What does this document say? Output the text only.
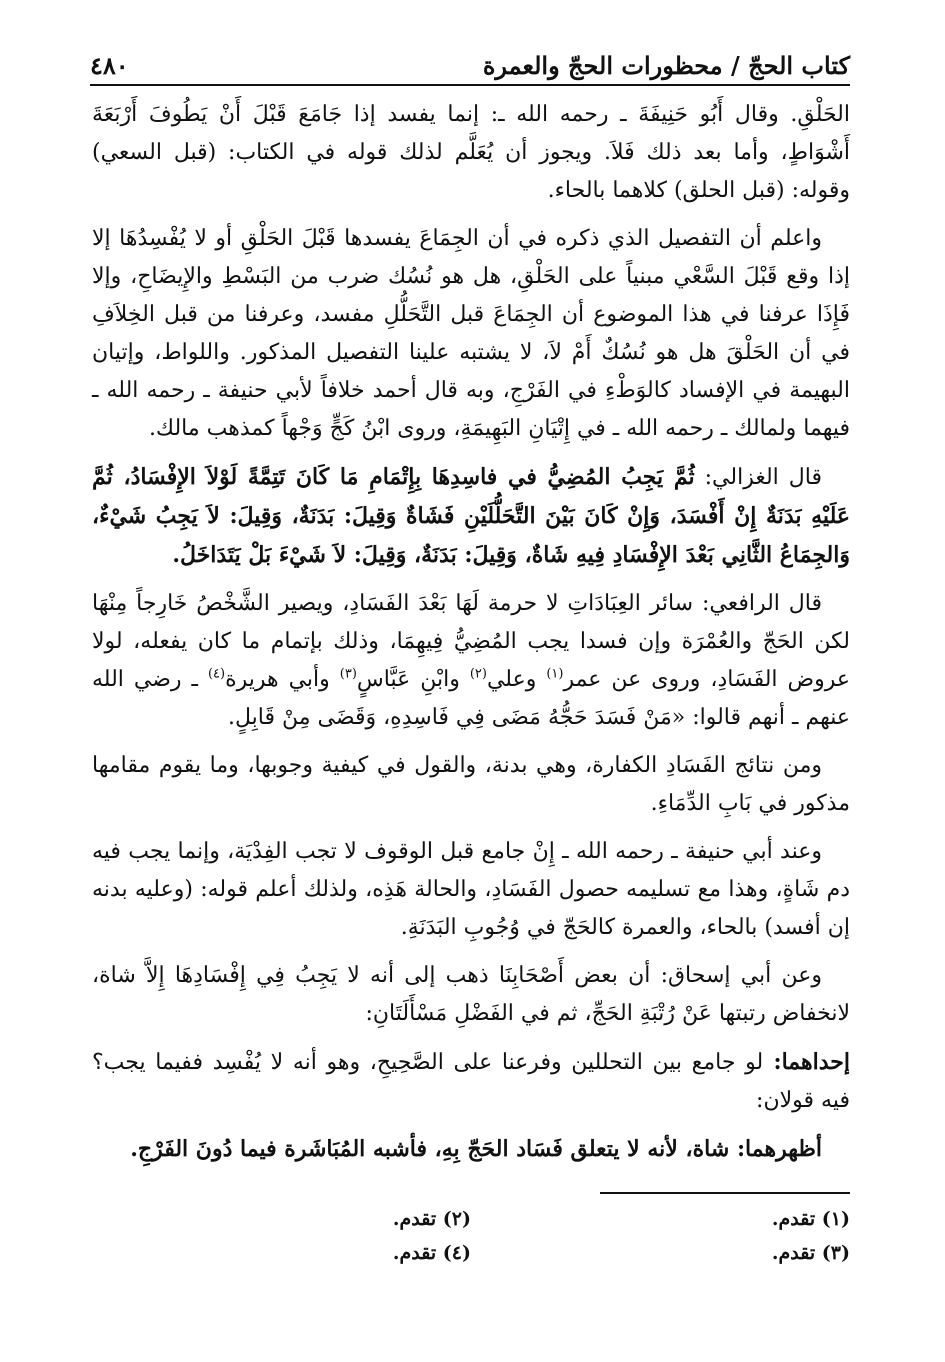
كتاب الحجّ / محظورات الحجّ والعمرة
٤٨٠

الحَلْقِ. وقال أَبُو حَنِيفَةَ ـ رحمه الله ـ: إنما يفسد إذا جَامَعَ قَبْلَ أَنْ يَطُوفَ أَرْبَعَةَ أَشْوَاطٍ، وأما بعد ذلك فَلاَ. ويجوز أن يُعَلَّم لذلك قوله في الكتاب: (قبل السعي) وقوله: (قبل الحلق) كلاهما بالحاء.

واعلم أن التفصيل الذي ذكره في أن الجِمَاعَ يفسدها قَبْلَ الحَلْقِ أو لا يُفْسِدُهَا إلا إذا وقع قَبْلَ السَّعْي مبنياً على الحَلْقِ، هل هو نُسُك ضرب من البَسْطِ والإِيضَاحِ، وإلا فَإِذَا عرفنا في هذا الموضوع أن الجِمَاعَ قبل التَّحَلُّلِ مفسد، وعرفنا من قبل الخِلاَفِ في أن الحَلْقَ هل هو نُسُكٌ أَمْ لاَ، لا يشتبه علينا التفصيل المذكور. واللواط، وإتيان البهيمة في الإفساد كالوَطْءِ في الفَرْجِ، وبه قال أحمد خلافاً لأبي حنيفة ـ رحمه الله ـ فيهما ولمالك ـ رحمه الله ـ في إِتْيَانِ البَهِيمَةِ، وروى ابْنُ كَجٍّ وَجْهاً كمذهب مالك.

قال الغزالي: ثُمَّ يَجِبُ المُضِيُّ في فاسِدِهَا بِإِتْمَامِ مَا كَانَ تَتِمَّةً لَوْلاَ الإِفْسَادُ، ثُمَّ عَلَيْهِ بَدَنَةٌ إِنْ أَفْسَدَ، وَإِنْ كَانَ بَيْنَ التَّحَلُّلَيْنِ فَشَاةٌ وَقِيلَ: بَدَنَةٌ، وَقِيلَ: لاَ يَجِبُ شَيْءٌ، وَالجِمَاعُ الثَّانِي بَعْدَ الإِفْسَادِ فِيهِ شَاةٌ، وَقِيلَ: بَدَنَةٌ، وَقِيلَ: لاَ شَيْءَ بَلْ يَتَدَاخَلُ.

قال الرافعي: سائر العِبَادَاتِ لا حرمة لَهَا بَعْدَ الفَسَادِ، ويصير الشَّخْصُ خَارِجاً مِنْهَا لكن الحَجّ والعُمْرَة وإن فسدا يجب المُضِيُّ فِيهِمَا، وذلك بإتمام ما كان يفعله، لولا عروض الفَسَادِ، وروى عن عمر$^{(١)}$ وعلي$^{(٢)}$ وابْنِ عَبَّاسٍ$^{(٣)}$ وأبي هريرة$^{(٤)}$ ـ رضي الله عنهم ـ أنهم قالوا: «مَنْ فَسَدَ حَجُّهُ مَضَى فِي فَاسِدِهِ، وَقَضَى مِنْ قَابِلٍ.

ومن نتائج الفَسَادِ الكفارة، وهي بدنة، والقول في كيفية وجوبها، وما يقوم مقامها مذكور في بَابِ الدِّمَاءِ.

وعند أبي حنيفة ـ رحمه الله ـ إِنْ جامع قبل الوقوف لا تجب الفِدْيَة، وإنما يجب فيه دم شَاةٍ، وهذا مع تسليمه حصول الفَسَادِ، والحالة هَذِه، ولذلك أعلم قوله: (وعليه بدنه إن أفسد) بالحاء، والعمرة كالحَجّ في وُجُوبِ البَدَنَةِ.

وعن أبي إسحاق: أن بعض أَصْحَابِنَا ذهب إلى أنه لا يَجِبُ فِي إِفْسَادِهَا إِلاَّ شاة، لانخفاض رتبتها عَنْ رُتْبَةِ الحَجِّ، ثم في الفَضْلِ مَسْأَلَتَانِ:

إحداهما: لو جامع بين التحللين وفرعنا على الصَّحِيحِ، وهو أنه لا يُفْسِد ففيما يجب؟ فيه قولان:

أظهرهما: شاة، لأنه لا يتعلق فَسَاد الحَجّ بِهِ، فأشبه المُبَاشَرة فيما دُونَ الفَرْجِ.

(١) تقدم.
(٢) تقدم.
(٣) تقدم.
(٤) تقدم.
